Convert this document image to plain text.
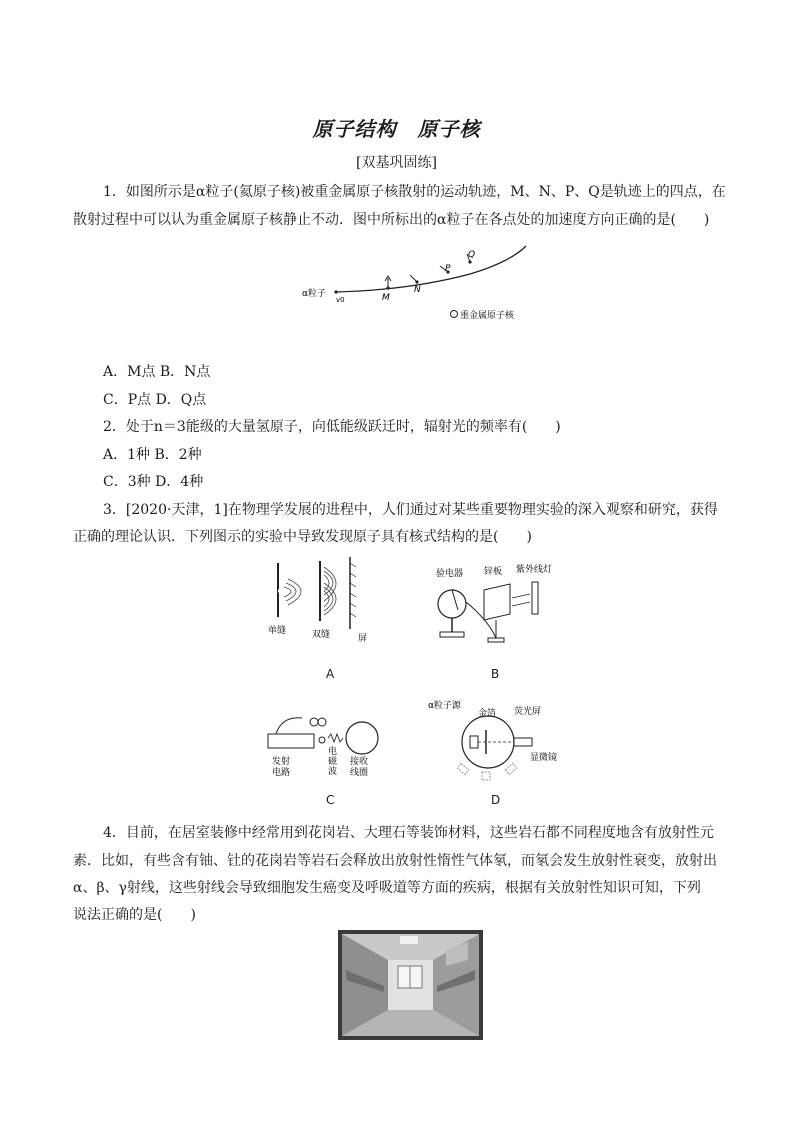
原子结构　原子核
[双基巩固练]
1．如图所示是α粒子(氦原子核)被重金属原子核散射的运动轨迹，M、N、P、Q是轨迹上的四点，在
散射过程中可以认为重金属原子核静止不动．图中所标出的α粒子在各点处的加速度方向正确的是(　　)
α粒子
v0	M
N
P
Q
重金属原子核
A．M点 B．N点
C．P点 D．Q点
2．处于n＝3能级的大量氢原子，向低能级跃迁时，辐射光的频率有(　　)
A．1种 B．2种
C．3种 D．4种
3．[2020·天津，1]在物理学发展的进程中，人们通过对某些重要物理实验的深入观察和研究，获得
正确的理论认识．下列图示的实验中导致发现原子具有核式结构的是(　　)
单缝	双缝	屏
A
验电器 锌板 紫外线灯
B
发射电路
电磁波
接收线圈
C
α粒子源
金箔 荧光屏
显微镜
D
4．目前，在居室装修中经常用到花岗岩、大理石等装饰材料，这些岩石都不同程度地含有放射性元
素．比如，有些含有铀、钍的花岗岩等岩石会释放出放射性惰性气体氡，而氡会发生放射性衰变，放射出
α、β、γ射线，这些射线会导致细胞发生癌变及呼吸道等方面的疾病，根据有关放射性知识可知，下列
说法正确的是(　　)
